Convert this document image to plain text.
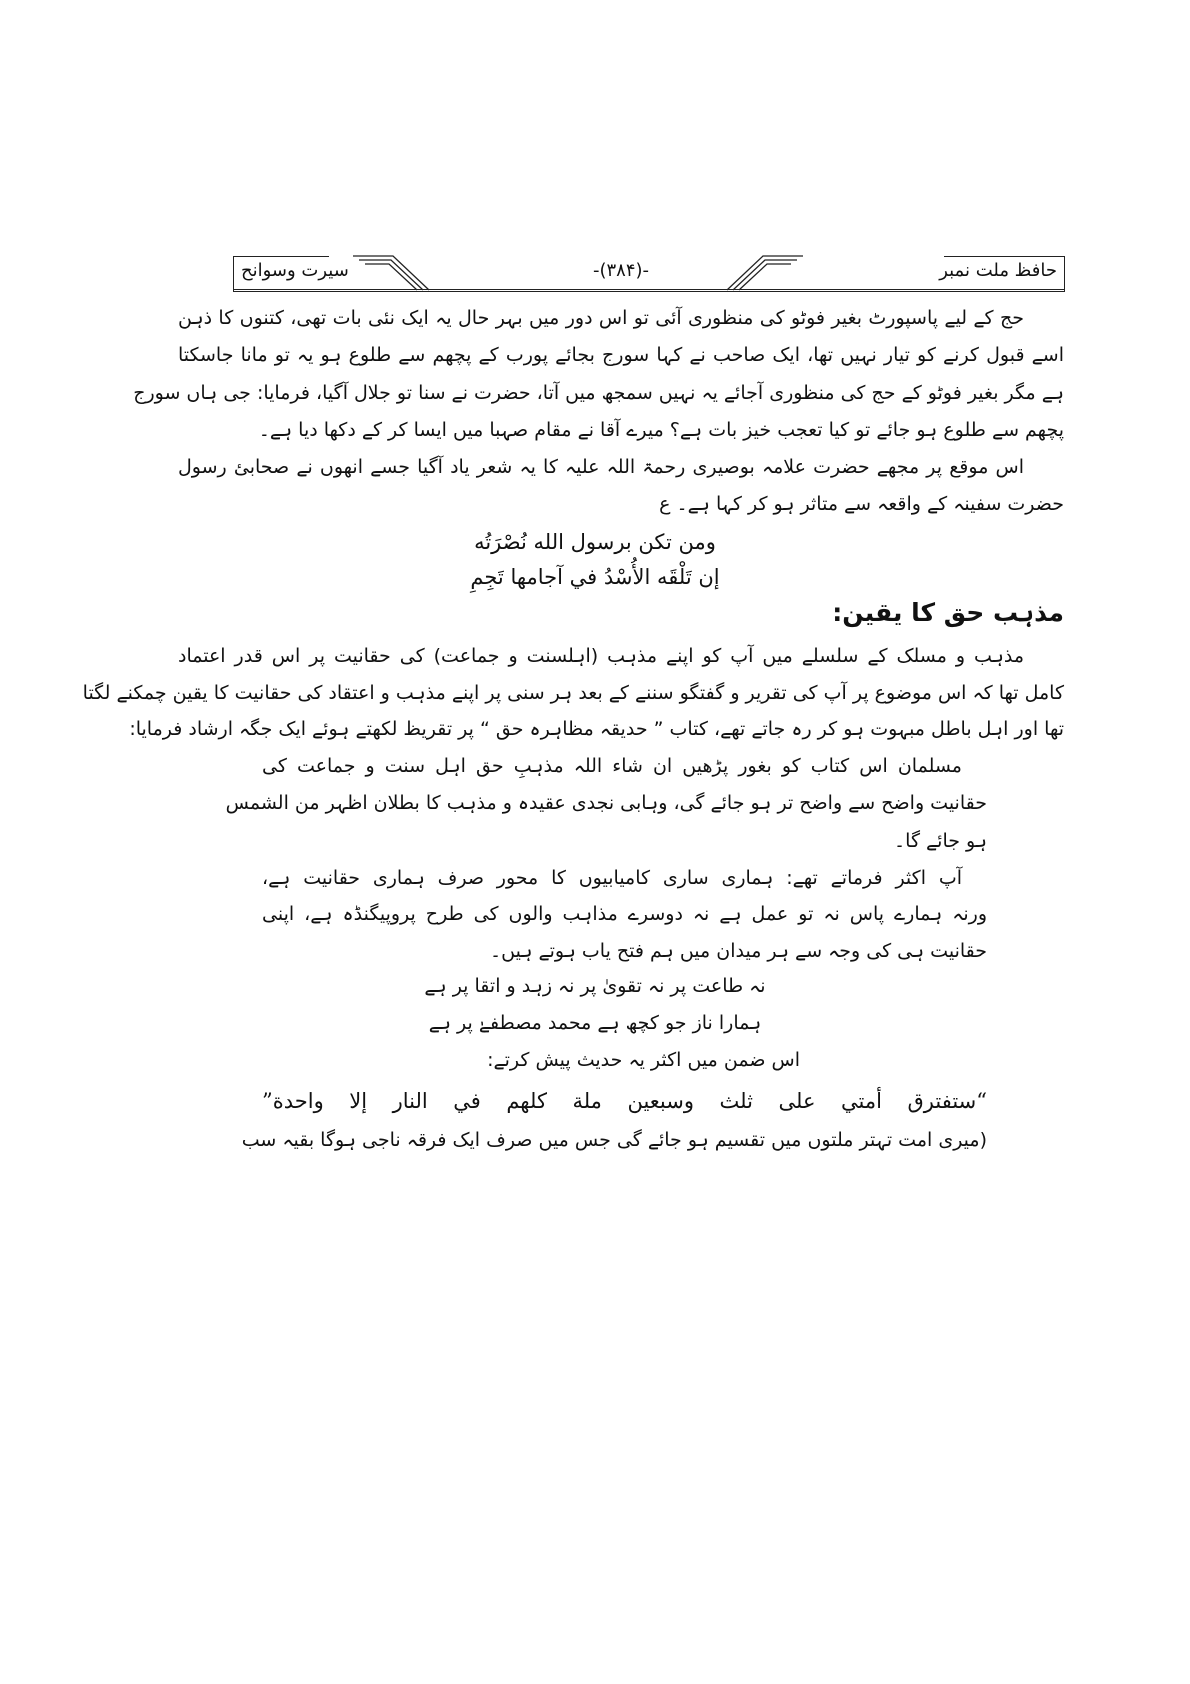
سیرت وسوانح	-(۳۸۴)-	حافظ ملت نمبر
حج کے لیے پاسپورٹ بغیر فوٹو کی منظوری آئی تو اس دور میں بہر حال یہ ایک نئی بات تھی، کتنوں کا ذہن
اسے قبول کرنے کو تیار نہیں تھا، ایک صاحب نے کہا سورج بجائے پورب کے پچھم سے طلوع ہو یہ تو مانا جاسکتا
ہے مگر بغیر فوٹو کے حج کی منظوری آجائے یہ نہیں سمجھ میں آتا، حضرت نے سنا تو جلال آگیا، فرمایا: جی ہاں سورج
پچھم سے طلوع ہو جائے تو کیا تعجب خیز بات ہے؟ میرے آقا نے مقام صہبا میں ایسا کر کے دکھا دیا ہے۔
اس موقع پر مجھے حضرت علامہ بوصیری رحمۃ اللہ علیہ کا یہ شعر یاد آگیا جسے انھوں نے صحابئ رسول
حضرت سفینہ کے واقعہ سے متاثر ہو کر کہا ہے۔ ع
ومن تكن برسول الله نُصْرَتُه
إن تَلْقَه الأُسْدُ في آجامها تَجِمِ
مذہب حق کا یقین:
مذہب و مسلک کے سلسلے میں آپ کو اپنے مذہب (اہلسنت و جماعت) کی حقانیت پر اس قدر اعتماد
کامل تھا کہ اس موضوع پر آپ کی تقریر و گفتگو سننے کے بعد ہر سنی پر اپنے مذہب و اعتقاد کی حقانیت کا یقین چمکنے لگتا
تھا اور اہل باطل مبہوت ہو کر رہ جاتے تھے، کتاب ” حدیقہ مظاہرہ حق “ پر تقریظ لکھتے ہوئے ایک جگہ ارشاد فرمایا:
مسلمان اس کتاب کو بغور پڑھیں ان شاء اللہ مذہبِ حق اہل سنت و جماعت کی
حقانیت واضح سے واضح تر ہو جائے گی، وہابی نجدی عقیدہ و مذہب کا بطلان اظہر من الشمس
ہو جائے گا۔
آپ اکثر فرماتے تھے: ہماری ساری کامیابیوں کا محور صرف ہماری حقانیت ہے،
ورنہ ہمارے پاس نہ تو عمل ہے نہ دوسرے مذاہب والوں کی طرح پروپیگنڈہ ہے، اپنی
حقانیت ہی کی وجہ سے ہر میدان میں ہم فتح یاب ہوتے ہیں۔
نہ طاعت پر نہ تقویٰ پر نہ زہد و اتقا پر ہے
ہمارا ناز جو کچھ ہے محمد مصطفےٰ پر ہے
اس ضمن میں اکثر یہ حدیث پیش کرتے:
“ستفترق أمتي على ثلث وسبعين ملة كلهم في النار إلا واحدة”
(میری امت تہتر ملتوں میں تقسیم ہو جائے گی جس میں صرف ایک فرقہ ناجی ہوگا بقیہ سب
